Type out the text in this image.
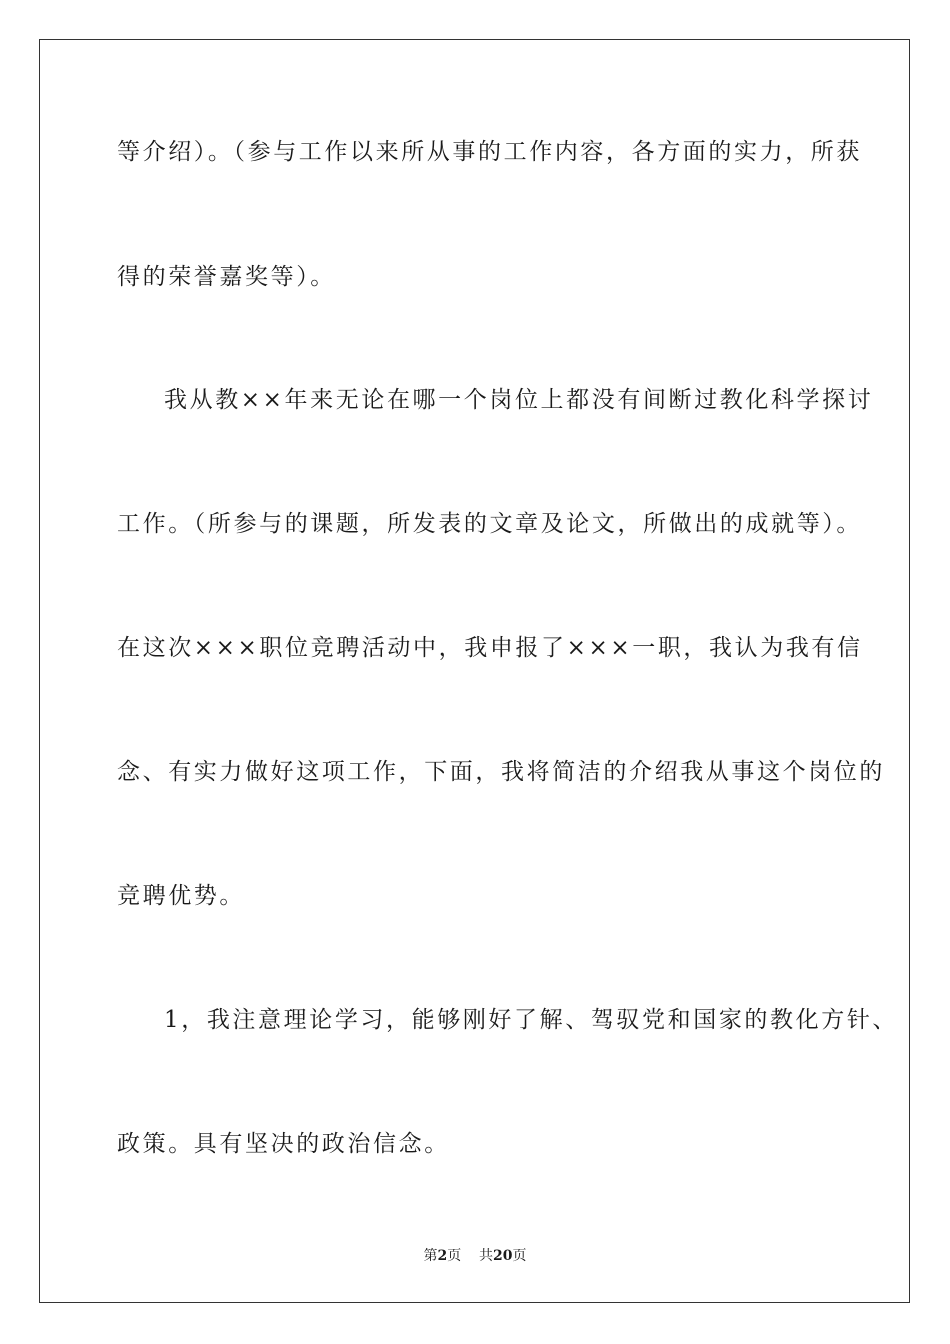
等介绍）。（参与工作以来所从事的工作内容，各方面的实力，所获
得的荣誉嘉奖等）。
我从教××年来无论在哪一个岗位上都没有间断过教化科学探讨
工作。（所参与的课题，所发表的文章及论文，所做出的成就等）。
在这次×××职位竞聘活动中，我申报了×××一职，我认为我有信
念、有实力做好这项工作，下面，我将简洁的介绍我从事这个岗位的
竞聘优势。
1，我注意理论学习，能够刚好了解、驾驭党和国家的教化方针、
政策。具有坚决的政治信念。
第2页 共20页
